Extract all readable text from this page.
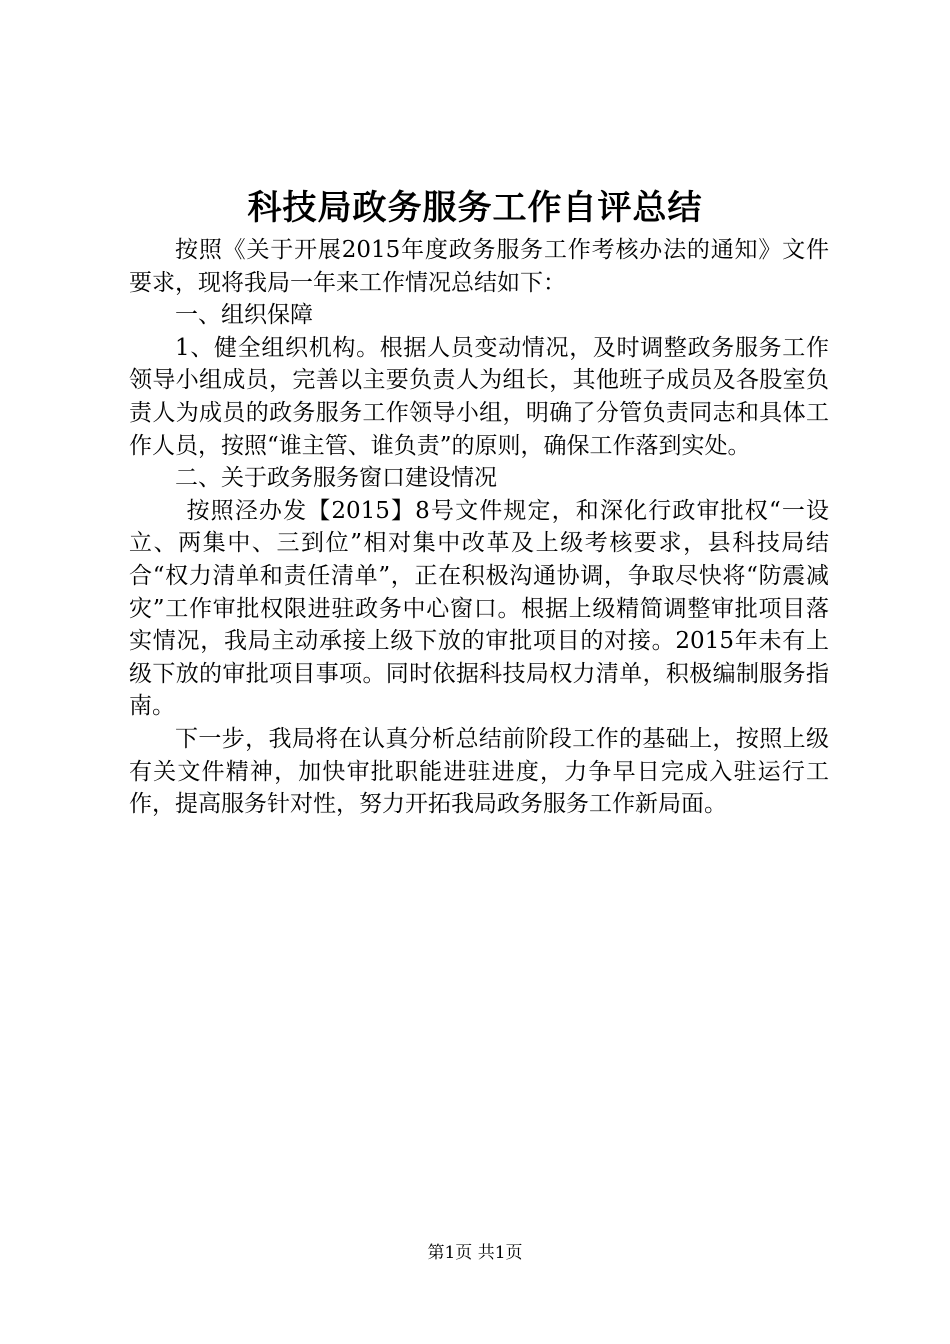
科技局政务服务工作自评总结

按照《关于开展2015年度政务服务工作考核办法的通知》文件要求，现将我局一年来工作情况总结如下：

一、组织保障

1、健全组织机构。根据人员变动情况，及时调整政务服务工作领导小组成员，完善以主要负责人为组长，其他班子成员及各股室负责人为成员的政务服务工作领导小组，明确了分管负责同志和具体工作人员，按照“谁主管、谁负责”的原则，确保工作落到实处。

二、关于政务服务窗口建设情况

按照泾办发【2015】8号文件规定，和深化行政审批权“一设立、两集中、三到位”相对集中改革及上级考核要求，县科技局结合“权力清单和责任清单”，正在积极沟通协调，争取尽快将“防震减灾”工作审批权限进驻政务中心窗口。根据上级精简调整审批项目落实情况，我局主动承接上级下放的审批项目的对接。2015年未有上级下放的审批项目事项。同时依据科技局权力清单，积极编制服务指南。

下一步，我局将在认真分析总结前阶段工作的基础上，按照上级有关文件精神，加快审批职能进驻进度，力争早日完成入驻运行工作，提高服务针对性，努力开拓我局政务服务工作新局面。

第1页 共1页
